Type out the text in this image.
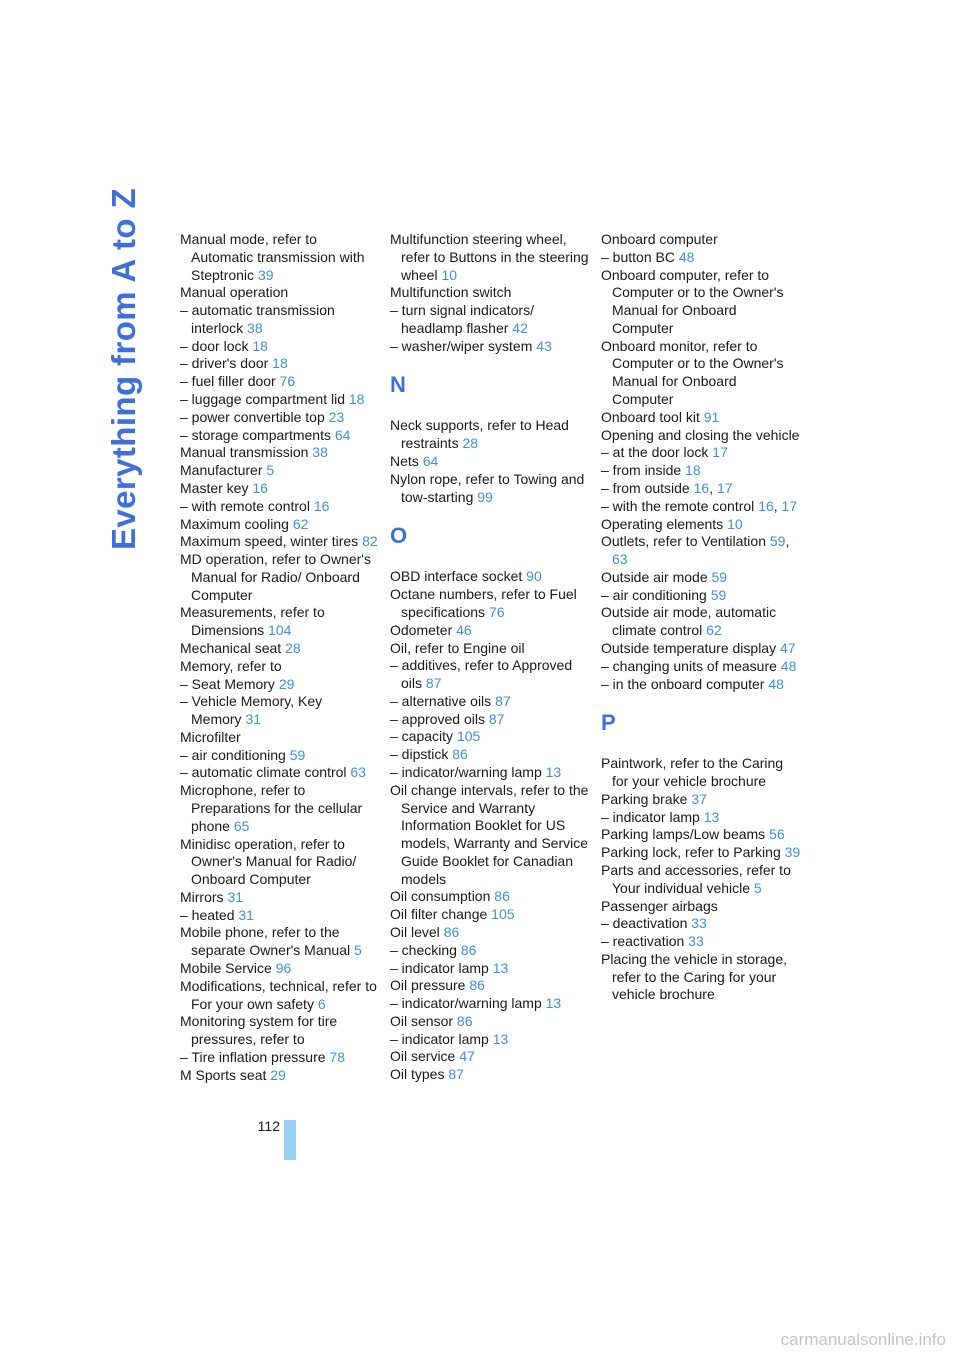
Everything from A to Z	Manual mode, refer to Automatic transmission with Steptronic 39
Manual operation
– automatic transmission interlock 38
– door lock 18
– driver's door 18
– fuel filler door 76
– luggage compartment lid 18
– power convertible top 23
– storage compartments 64
Manual transmission 38
Manufacturer 5
Master key 16
– with remote control 16
Maximum cooling 62
Maximum speed, winter tires 82
MD operation, refer to Owner's Manual for Radio/ Onboard Computer
Measurements, refer to Dimensions 104
Mechanical seat 28
Memory, refer to
– Seat Memory 29
– Vehicle Memory, Key Memory 31
Microfilter
– air conditioning 59
– automatic climate control 63
Microphone, refer to Preparations for the cellular phone 65
Minidisc operation, refer to Owner's Manual for Radio/ Onboard Computer
Mirrors 31
– heated 31
Mobile phone, refer to the separate Owner's Manual 5
Mobile Service 96
Modifications, technical, refer to For your own safety 6
Monitoring system for tire pressures, refer to
– Tire inflation pressure 78
M Sports seat 29
Multifunction steering wheel, refer to Buttons in the steering wheel 10
Multifunction switch
– turn signal indicators/ headlamp flasher 42
– washer/wiper system 43
N
Neck supports, refer to Head restraints 28
Nets 64
Nylon rope, refer to Towing and tow-starting 99
O
OBD interface socket 90
Octane numbers, refer to Fuel specifications 76
Odometer 46
Oil, refer to Engine oil
– additives, refer to Approved oils 87
– alternative oils 87
– approved oils 87
– capacity 105
– dipstick 86
– indicator/warning lamp 13
Oil change intervals, refer to the Service and Warranty Information Booklet for US models, Warranty and Service Guide Booklet for Canadian models
Oil consumption 86
Oil filter change 105
Oil level 86
– checking 86
– indicator lamp 13
Oil pressure 86
– indicator/warning lamp 13
Oil sensor 86
– indicator lamp 13
Oil service 47
Oil types 87
Onboard computer
– button BC 48
Onboard computer, refer to Computer or to the Owner's Manual for Onboard Computer
Onboard monitor, refer to Computer or to the Owner's Manual for Onboard Computer
Onboard tool kit 91
Opening and closing the vehicle
– at the door lock 17
– from inside 18
– from outside 16, 17
– with the remote control 16, 17
Operating elements 10
Outlets, refer to Ventilation 59, 63
Outside air mode 59
– air conditioning 59
Outside air mode, automatic climate control 62
Outside temperature display 47
– changing units of measure 48
– in the onboard computer 48
P
Paintwork, refer to the Caring for your vehicle brochure
Parking brake 37
– indicator lamp 13
Parking lamps/Low beams 56
Parking lock, refer to Parking 39
Parts and accessories, refer to Your individual vehicle 5
Passenger airbags
– deactivation 33
– reactivation 33
Placing the vehicle in storage, refer to the Caring for your vehicle brochure
112
carmanualsonline.info
